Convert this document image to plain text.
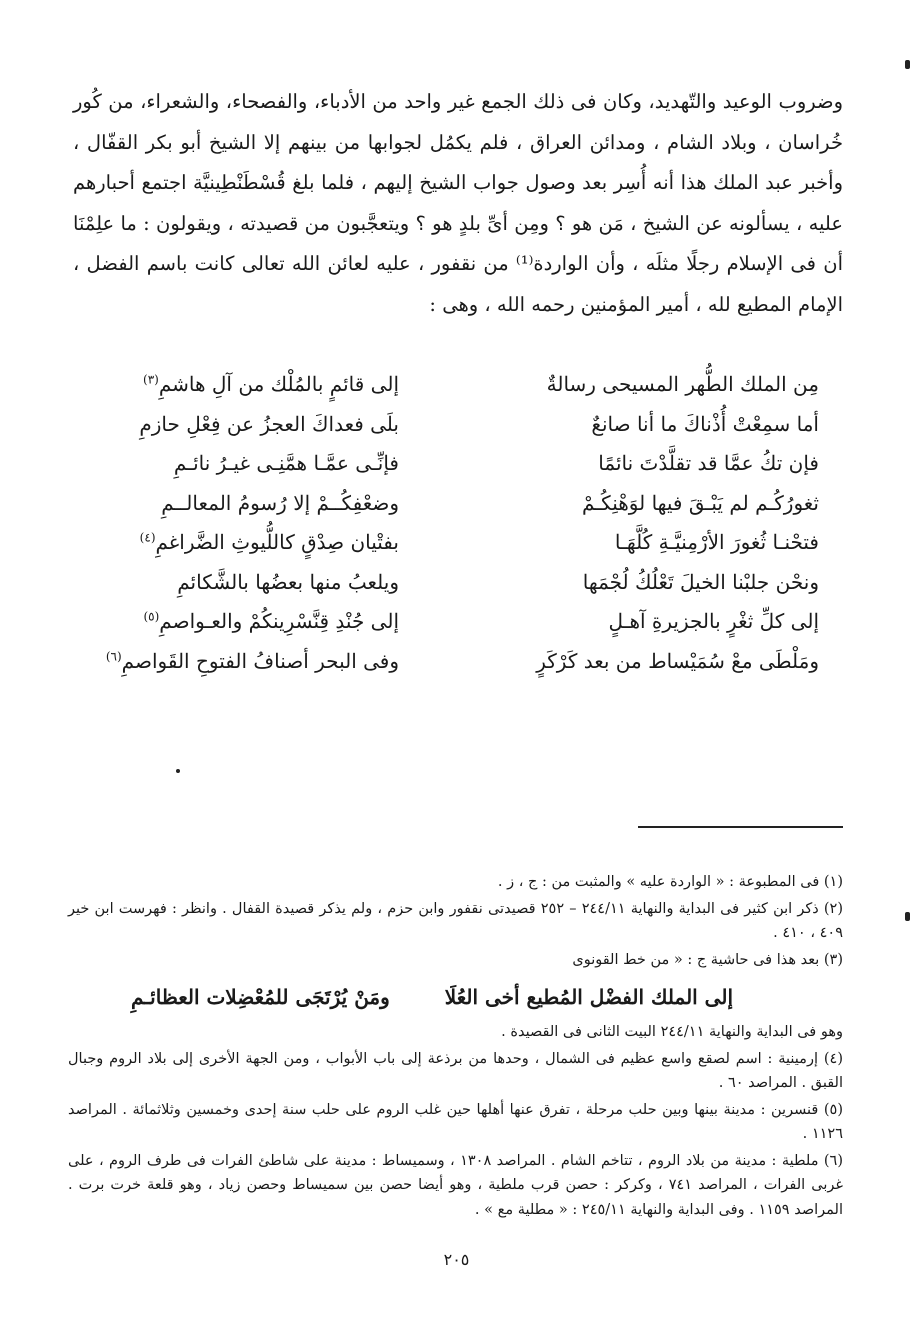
وضروب الوعيد والتّهديد، وكان فى ذلك الجمع غير واحد من الأدباء، والفصحاء، والشعراء، من كُور خُراسان ، وبلاد الشام ، ومدائن العراق ، فلم يكمُل لجوابها من بينهم إلا الشيخ أبو بكر القفّال ، وأخبر عبد الملك هذا أنه أُسِر بعد وصول جواب الشيخ إليهم ، فلما بلغ قُسْطَنْطِينيَّة اجتمع أحبارهم عليه ، يسألونه عن الشيخ ، مَن هو ؟ ومِن أىِّ بلدٍ هو ؟ ويتعجَّبون من قصيدته ، ويقولون : ما علِمْنَا أن فى الإسلام رجلًا مثلَه ، وأن الواردة⁽¹⁾ من نقفور ، عليه لعائن الله تعالى كانت باسم الفضل ، الإمام المطيع لله ، أمير المؤمنين رحمه الله ، وهى :

مِن الملك الطُّهر المسيحى رسالةٌ
إلى قائمٍ بالمُلْك من آلِ هاشمِ$^{(٣)}$
أما سمِعْتْ أُذْناكَ ما أنا صانعٌ
بلَى فعداكَ العجزُ عن فِعْلِ حازمِ
فإن تكُ عمَّا قد تقلَّدْتَ نائمًا
فإنِّـى عمَّـا همَّنِـى غيـرُ نائـمِ
ثغورُكُـم لم يَبْـقَ فيها لوَهْنِكُـمْ
وضعْفِكُــمْ إلا رُسومُ المعالــمِ
فتحْنـا ثُغورَ الأرْمِنيَّـةِ كُلَّهَـا
بفتْيان صِدْقٍ كاللُّيوثِ الضَّراغمِ$^{(٤)}$
ونحْن جلبْنا الخيلَ تَعْلُكُ لُجْمَها
ويلعبُ منها بعضُها بالشَّكائمِ
إلى كلِّ ثغْرٍ بالجزيرةِ آهـلٍ
إلى جُنْدِ قِنَّسْرِينكُمْ والعـواصمِ$^{(٥)}$
ومَلْطَى معْ سُمَيْساط من بعد كَرْكَرٍ
وفى البحر أصنافُ الفتوحِ القَواصمِ$^{(٦)}$

(١) فى المطبوعة : « الواردة عليه » والمثبت من : ج ، ز .

(٢) ذكر ابن كثير فى البداية والنهاية ٢٤٤/١١ – ٢٥٢ قصيدتى نقفور وابن حزم ، ولم يذكر قصيدة القفال . وانظر : فهرست ابن خير ٤٠٩ ، ٤١٠ .

(٣) بعد هذا فى حاشية ج : « من خط القونوى

إلى الملك الفضْل المُطيع أخى العُلَا
ومَنْ يُرْتَجَى للمُعْضِلات العظائـمِ

وهو فى البداية والنهاية ٢٤٤/١١ البيت الثانى فى القصيدة .

(٤) إرمينية : اسم لصقع واسع عظيم فى الشمال ، وحدها من برذعة إلى باب الأبواب ، ومن الجهة الأخرى إلى بلاد الروم وجبال القبق . المراصد ٦٠ .

(٥) قنسرين : مدينة بينها وبين حلب مرحلة ، تفرق عنها أهلها حين غلب الروم على حلب سنة إحدى وخمسين وثلاثمائة . المراصد ١١٢٦ .

(٦) ملطية : مدينة من بلاد الروم ، تتاخم الشام . المراصد ١٣٠٨ ، وسميساط : مدينة على شاطئ الفرات فى طرف الروم ، على غربى الفرات ، المراصد ٧٤١ ، وكركر : حصن قرب ملطية ، وهو أيضا حصن بين سميساط وحصن زياد ، وهو قلعة خرت برت . المراصد ١١٥٩ . وفى البداية والنهاية ٢٤٥/١١ : « مطلية مع » .

٢٠٥
